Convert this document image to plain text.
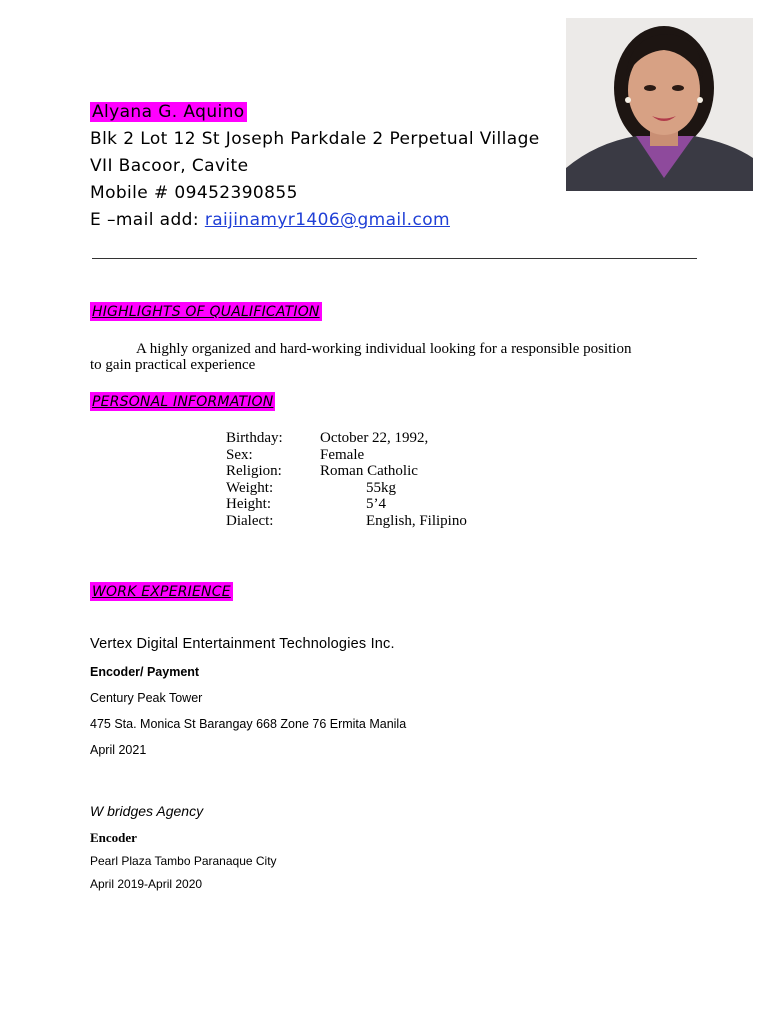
Alyana G. Aquino
Blk 2 Lot 12 St Joseph Parkdale 2 Perpetual Village
VII Bacoor, Cavite
Mobile # 09452390855
E –mail add: raijinamyr1406@gmail.com
HIGHLIGHTS OF QUALIFICATION
A highly organized and hard-working individual looking for a responsible position
to gain practical experience
PERSONAL INFORMATION
Birthday:	October 22, 1992,
Sex:	Female
Religion:	Roman Catholic
Weight:	55kg
Height:	5’4
Dialect:	English, Filipino
WORK EXPERIENCE
Vertex Digital Entertainment Technologies Inc.
Encoder/ Payment
Century Peak Tower
475 Sta. Monica St Barangay 668 Zone 76 Ermita Manila
April 2021
W bridges Agency
Encoder
Pearl Plaza Tambo Paranaque City
April 2019-April 2020
